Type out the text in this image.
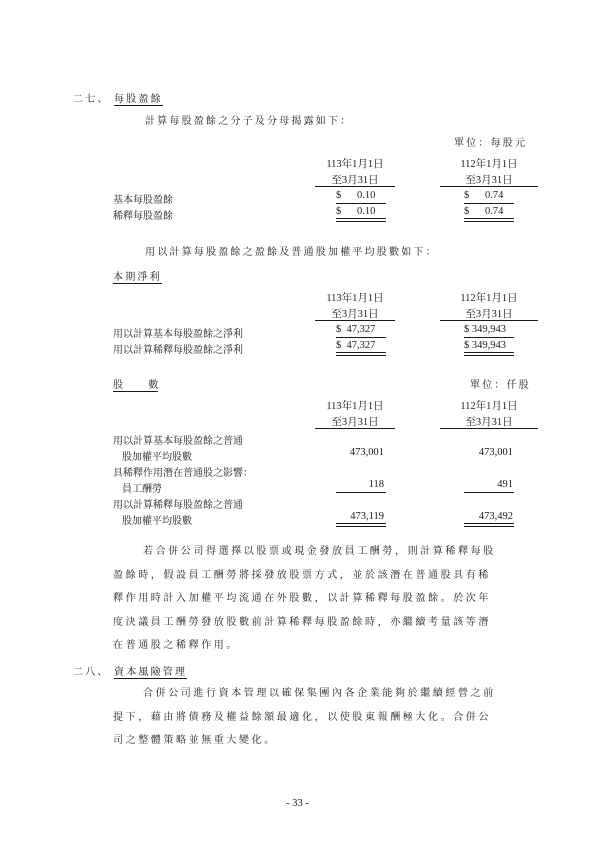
二七、 每股盈餘
計算每股盈餘之分子及分母揭露如下：
單位：每股元
113年1月1日
至3月31日
112年1月1日
至3月31日
基本每股盈餘	$      0.10	$      0.74
稀釋每股盈餘	$      0.10	$      0.74
用以計算每股盈餘之盈餘及普通股加權平均股數如下：
本期淨利
113年1月1日
至3月31日
112年1月1日
至3月31日
用以計算基本每股盈餘之淨利	$  47,327	$ 349,943
用以計算稀釋每股盈餘之淨利	$  47,327	$ 349,943
股        數	單位：仟股
113年1月1日
至3月31日
112年1月1日
至3月31日
用以計算基本每股盈餘之普通
股加權平均股數	473,001	473,001
具稀釋作用潛在普通股之影響：
員工酬勞	118	491
用以計算稀釋每股盈餘之普通
股加權平均股數	473,119	473,492
若合併公司得選擇以股票或現金發放員工酬勞，則計算稀釋每股
盈餘時，假設員工酬勞將採發放股票方式，並於該潛在普通股具有稀
釋作用時計入加權平均流通在外股數，以計算稀釋每股盈餘。於次年
度決議員工酬勞發放股數前計算稀釋每股盈餘時，亦繼續考量該等潛
在普通股之稀釋作用。
二八、 資本風險管理
合併公司進行資本管理以確保集團內各企業能夠於繼續經營之前
提下，藉由將債務及權益餘額最適化，以使股東報酬極大化。合併公
司之整體策略並無重大變化。
- 33 -
